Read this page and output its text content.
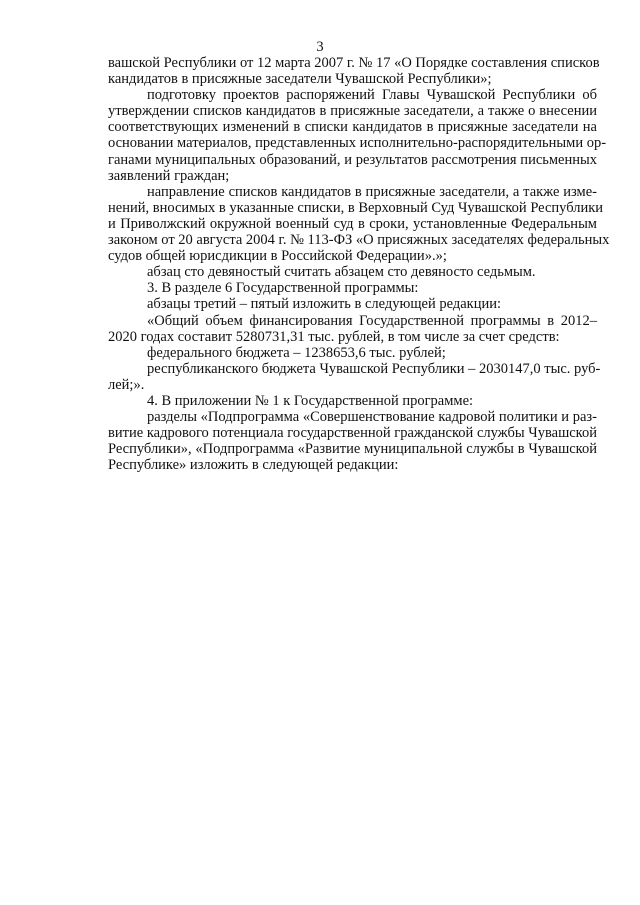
3
вашской Республики от 12 марта 2007 г. № 17 «О Порядке составления списков
кандидатов в присяжные заседатели Чувашской Республики»;
подготовку проектов распоряжений Главы Чувашской Республики об
утверждении списков кандидатов в присяжные заседатели, а также о внесении
соответствующих изменений в списки кандидатов в присяжные заседатели на
основании материалов, представленных исполнительно-распорядительными ор-
ганами муниципальных образований, и результатов рассмотрения письменных
заявлений граждан;
направление списков кандидатов в присяжные заседатели, а также изме-
нений, вносимых в указанные списки, в Верховный Суд Чувашской Республики
и Приволжский окружной военный суд в сроки, установленные Федеральным
законом от 20 августа 2004 г. № 113-ФЗ «О присяжных заседателях федеральных
судов общей юрисдикции в Российской Федерации».»;
абзац сто девяностый считать абзацем сто девяносто седьмым.
3. В разделе 6 Государственной программы:
абзацы третий – пятый изложить в следующей редакции:
«Общий объем финансирования Государственной программы в 2012–
2020 годах составит 5280731,31 тыс. рублей, в том числе за счет средств:
федерального бюджета – 1238653,6 тыс. рублей;
республиканского бюджета Чувашской Республики – 2030147,0 тыс. руб-
лей;».
4. В приложении № 1 к Государственной программе:
разделы «Подпрограмма «Совершенствование кадровой политики и раз-
витие кадрового потенциала государственной гражданской службы Чувашской
Республики», «Подпрограмма «Развитие муниципальной службы в Чувашской
Республике» изложить в следующей редакции:
